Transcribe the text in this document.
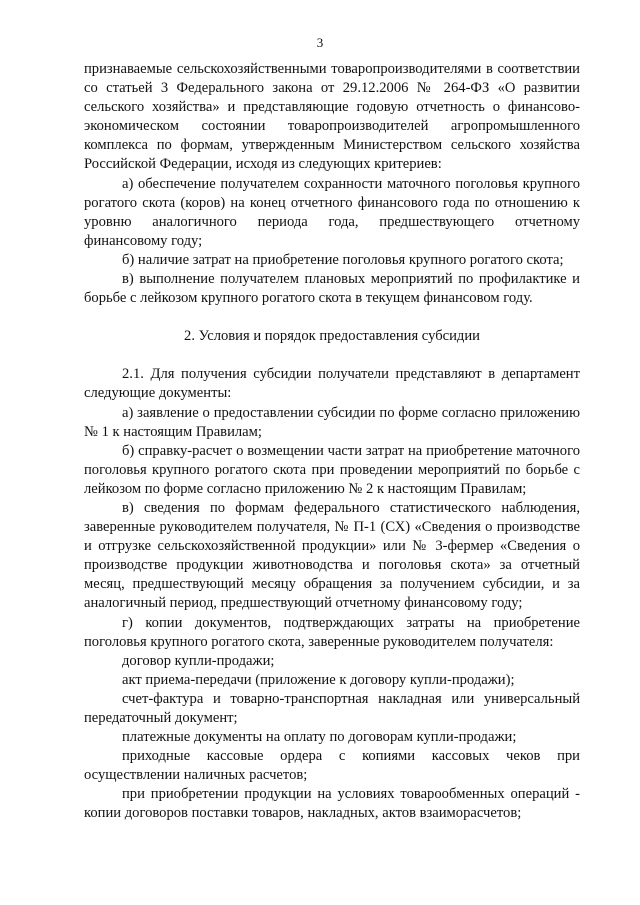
3

признаваемые сельскохозяйственными товаропроизводителями в соответствии со статьей 3 Федерального закона от 29.12.2006 № 264-ФЗ «О развитии сельского хозяйства» и представляющие годовую отчетность о финансово-экономическом состоянии товаропроизводителей агропромышленного комплекса по формам, утвержденным Министерством сельского хозяйства Российской Федерации, исходя из следующих критериев:

а) обеспечение получателем сохранности маточного поголовья крупного рогатого скота (коров) на конец отчетного финансового года по отношению к уровню аналогичного периода года, предшествующего отчетному финансовому году;

б) наличие затрат на приобретение поголовья крупного рогатого скота;

в) выполнение получателем плановых мероприятий по профилактике и борьбе с лейкозом крупного рогатого скота в текущем финансовом году.

2. Условия и порядок предоставления субсидии

2.1. Для получения субсидии получатели представляют в департамент следующие документы:

а) заявление о предоставлении субсидии по форме согласно приложению № 1 к настоящим Правилам;

б) справку-расчет о возмещении части затрат на приобретение маточного поголовья крупного рогатого скота при проведении мероприятий по борьбе с лейкозом по форме согласно приложению № 2 к настоящим Правилам;

в) сведения по формам федерального статистического наблюдения, заверенные руководителем получателя, № П-1 (СХ) «Сведения о производстве и отгрузке сельскохозяйственной продукции» или № 3-фермер «Сведения о производстве продукции животноводства и поголовья скота» за отчетный месяц, предшествующий месяцу обращения за получением субсидии, и за аналогичный период, предшествующий отчетному финансовому году;

г) копии документов, подтверждающих затраты на приобретение поголовья крупного рогатого скота, заверенные руководителем получателя:

договор купли-продажи;

акт приема-передачи (приложение к договору купли-продажи);

счет-фактура и товарно-транспортная накладная или универсальный передаточный документ;

платежные документы на оплату по договорам купли-продажи;

приходные кассовые ордера с копиями кассовых чеков при осуществлении наличных расчетов;

при приобретении продукции на условиях товарообменных операций - копии договоров поставки товаров, накладных, актов взаиморасчетов;
